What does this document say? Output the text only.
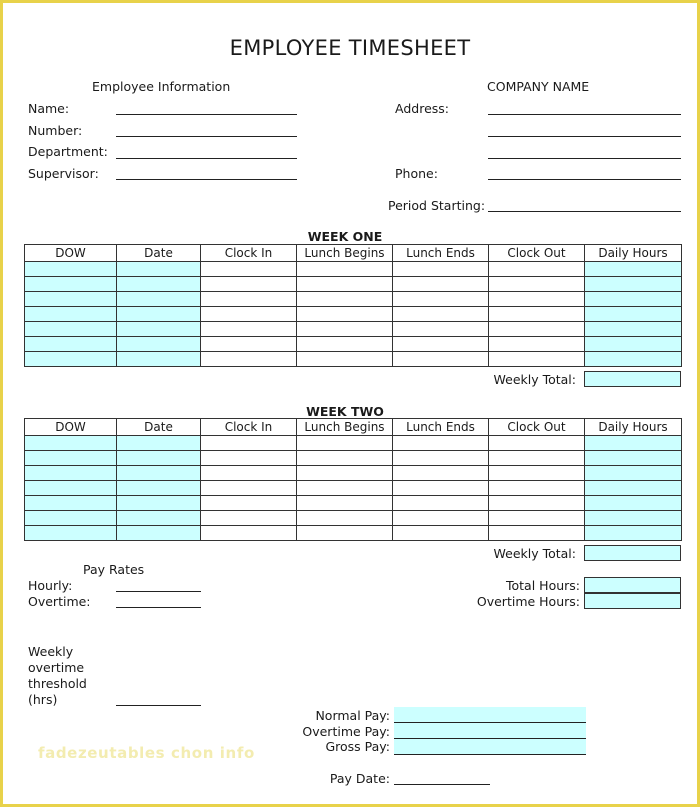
EMPLOYEE TIMESHEET
Employee Information
Name:
Number:
Department:
Supervisor:
COMPANY NAME
Address:
Phone:
Period Starting:
WEEK ONE
DOW	Date	Clock In	Lunch Begins	Lunch Ends	Clock Out	Daily Hours

Weekly Total:
WEEK TWO
DOW	Date	Clock In	Lunch Begins	Lunch Ends	Clock Out	Daily Hours

Weekly Total:
Pay Rates
Hourly:
Overtime:
Weekly
overtime
threshold
(hrs)
Total Hours:
Overtime Hours:
Normal Pay:
Overtime Pay:
Gross Pay:
Pay Date:
fadezeutables chon info
